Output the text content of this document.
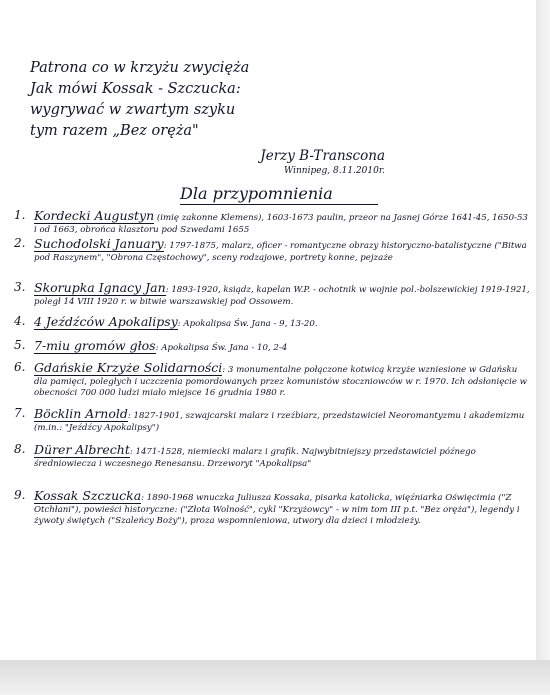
Patrona co w krzyżu zwycięża
Jak mówi Kossak - Szczucka:
wygrywać w zwartym szyku
tym razem „Bez oręża"
Jerzy B-Transcona
Winnipeg, 8.11.2010r.
Dla przypomnienia
1. Kordecki Augustyn (imię zakonne Klemens), 1603-1673 paulin, przeor na Jasnej Górze 1641-45, 1650-53 i od 1663, obrońca klasztoru pod Szwedami 1655
2. Suchodolski January: 1797-1875, malarz, oficer - romantyczne obrazy historyczno-batalistyczne ("Bitwa pod Raszynem", "Obrona Częstochowy", sceny rodzajowe, portrety konne, pejzaże
3. Skorupka Ignacy Jan: 1893-1920, ksiądz, kapelan W.P. - ochotnik w wojnie pol.-bolszewickiej 1919-1921, poległ 14 VIII 1920 r. w bitwie warszawskiej pod Ossowem.
4. 4 Jeźdźców Apokalipsy: Apokalipsa Św. Jana - 9, 13-20.
5. 7-miu gromów głos: Apokalipsa Św. Jana - 10, 2-4
6. Gdańskie Krzyże Solidarności: 3 monumentalne połączone kotwicą krzyże wzniesione w Gdańsku dla pamięci, poległych i uczczenia pomordowanych przez komunistów stoczniowców w r. 1970. Ich odsłonięcie w obecności 700 000 ludzi miało miejsce 16 grudnia 1980 r.
7. Böcklin Arnold: 1827-1901, szwajcarski malarz i rzeźbiarz, przedstawiciel Neoromantyzmu i akademizmu (m.in.: "Jeźdźcy Apokalipsy")
8. Dürer Albrecht: 1471-1528, niemiecki malarz i grafik. Najwybitniejszy przedstawiciel późnego średniowiecza i wczesnego Renesansu. Drzeworyt "Apokalipsa"
9. Kossak Szczucka: 1890-1968 wnuczka Juliusza Kossaka, pisarka katolicka, więźniarka Oświęcimia ("Z Otchłani"), powieści historyczne: ("Złota Wolność", cykl "Krzyżowcy" - w nim tom III p.t. "Bez oręża"), legendy i żywoty świętych ("Szaleńcy Boży"), proza wspomnieniowa, utwory dla dzieci i młodzieży.
